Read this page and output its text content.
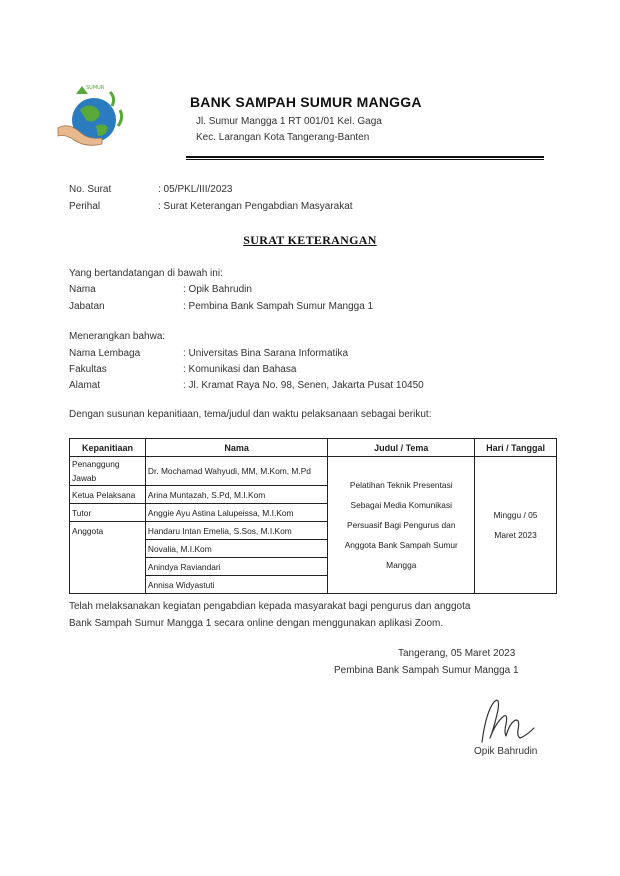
SUMUR
BANK SAMPAH SUMUR MANGGA
Jl. Sumur Mangga 1 RT 001/01 Kel. Gaga
Kec. Larangan Kota Tangerang-Banten
No. Surat	: 05/PKL/III/2023
Perihal	: Surat Keterangan Pengabdian Masyarakat
SURAT KETERANGAN
Yang bertandatangan di bawah ini:
Nama	: Opik Bahrudin
Jabatan	: Pembina Bank Sampah Sumur Mangga 1
Menerangkan bahwa:
Nama Lembaga	: Universitas Bina Sarana Informatika
Fakultas	: Komunikasi dan Bahasa
Alamat	: Jl. Kramat Raya No. 98, Senen, Jakarta Pusat 10450
Dengan susunan kepanitiaan, tema/judul dan waktu pelaksanaan sebagai berikut:
Kepanitiaan	Nama	Judul / Tema	Hari / Tanggal
Penanggung Jawab	Dr. Mochamad Wahyudi, MM, M.Kom, M.Pd	Pelatihan Teknik Presentasi Sebagai Media Komunikasi Persuasif Bagi Pengurus dan Anggota Bank Sampah Sumur Mangga	Minggu / 05 Maret 2023
Ketua Pelaksana	Arina Muntazah, S.Pd, M.I.Kom		
Tutor	Anggie Ayu Astina Lalupeissa, M.I.Kom		
Anggota	Handaru Intan Emelia, S.Sos, M.I.Kom		
	Novalia, M.I.Kom		
	Anindya Raviandari		
	Annisa Widyastuti		
Telah melaksanakan kegiatan pengabdian kepada masyarakat bagi pengurus dan anggota
Bank Sampah Sumur Mangga 1 secara online dengan menggunakan aplikasi Zoom.
Tangerang, 05 Maret 2023
Pembina Bank Sampah Sumur Mangga 1
Opik Bahrudin
